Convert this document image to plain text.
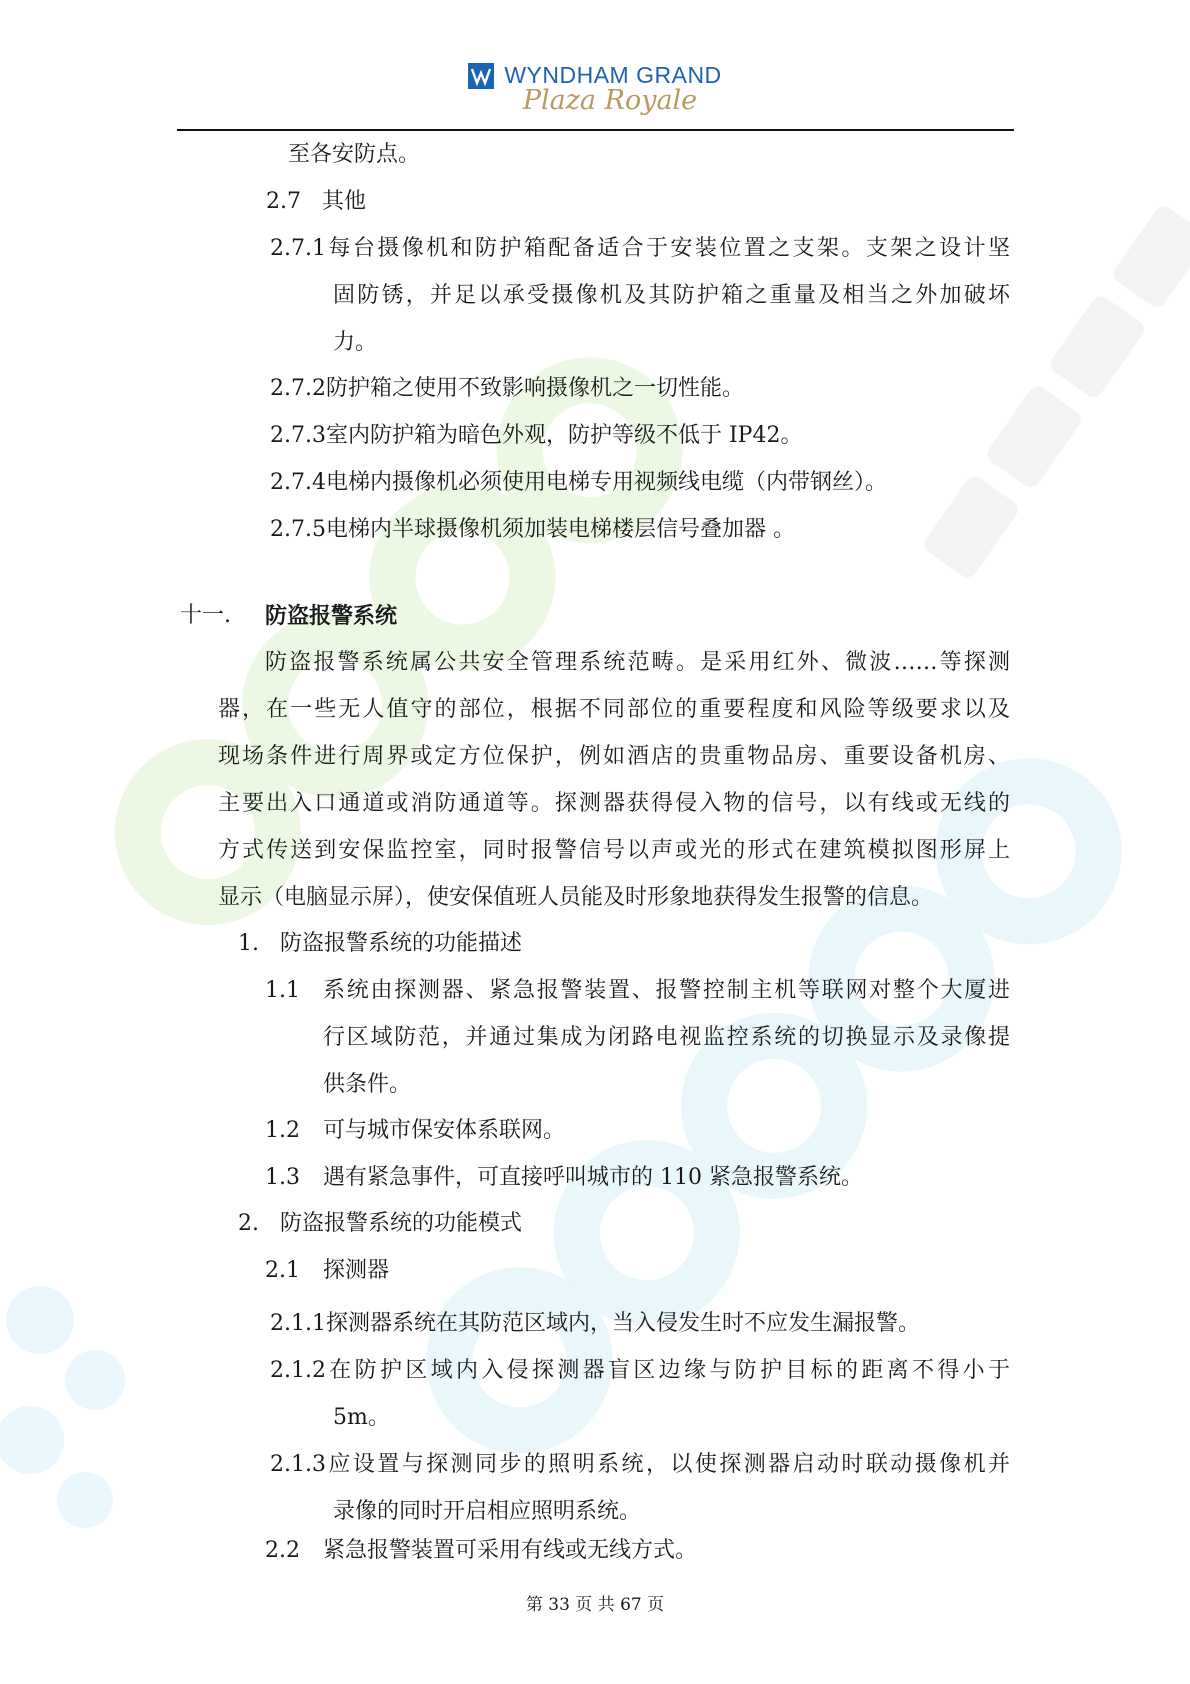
WYNDHAM GRAND
Plaza Royale
至各安防点。
2.7 其他
2.7.1每台摄像机和防护箱配备适合于安装位置之支架。支架之设计坚
固防锈，并足以承受摄像机及其防护箱之重量及相当之外加破坏
力。
2.7.2防护箱之使用不致影响摄像机之一切性能。
2.7.3室内防护箱为暗色外观，防护等级不低于 IP42。
2.7.4电梯内摄像机必须使用电梯专用视频线电缆（内带钢丝）。
2.7.5电梯内半球摄像机须加装电梯楼层信号叠加器 。
十一. 防盗报警系统
防盗报警系统属公共安全管理系统范畴。是采用红外、微波……等探测
器，在一些无人值守的部位，根据不同部位的重要程度和风险等级要求以及
现场条件进行周界或定方位保护，例如酒店的贵重物品房、重要设备机房、
主要出入口通道或消防通道等。探测器获得侵入物的信号，以有线或无线的
方式传送到安保监控室，同时报警信号以声或光的形式在建筑模拟图形屏上
显示（电脑显示屏），使安保值班人员能及时形象地获得发生报警的信息。
1. 防盗报警系统的功能描述
1.1 系统由探测器、紧急报警装置、报警控制主机等联网对整个大厦进
行区域防范，并通过集成为闭路电视监控系统的切换显示及录像提
供条件。
1.2 可与城市保安体系联网。
1.3 遇有紧急事件，可直接呼叫城市的 110 紧急报警系统。
2. 防盗报警系统的功能模式
2.1 探测器
2.1.1探测器系统在其防范区域内，当入侵发生时不应发生漏报警。
2.1.2在防护区域内入侵探测器盲区边缘与防护目标的距离不得小于
5m。
2.1.3应设置与探测同步的照明系统，以使探测器启动时联动摄像机并
录像的同时开启相应照明系统。
2.2 紧急报警装置可采用有线或无线方式。
第 33 页 共 67 页
